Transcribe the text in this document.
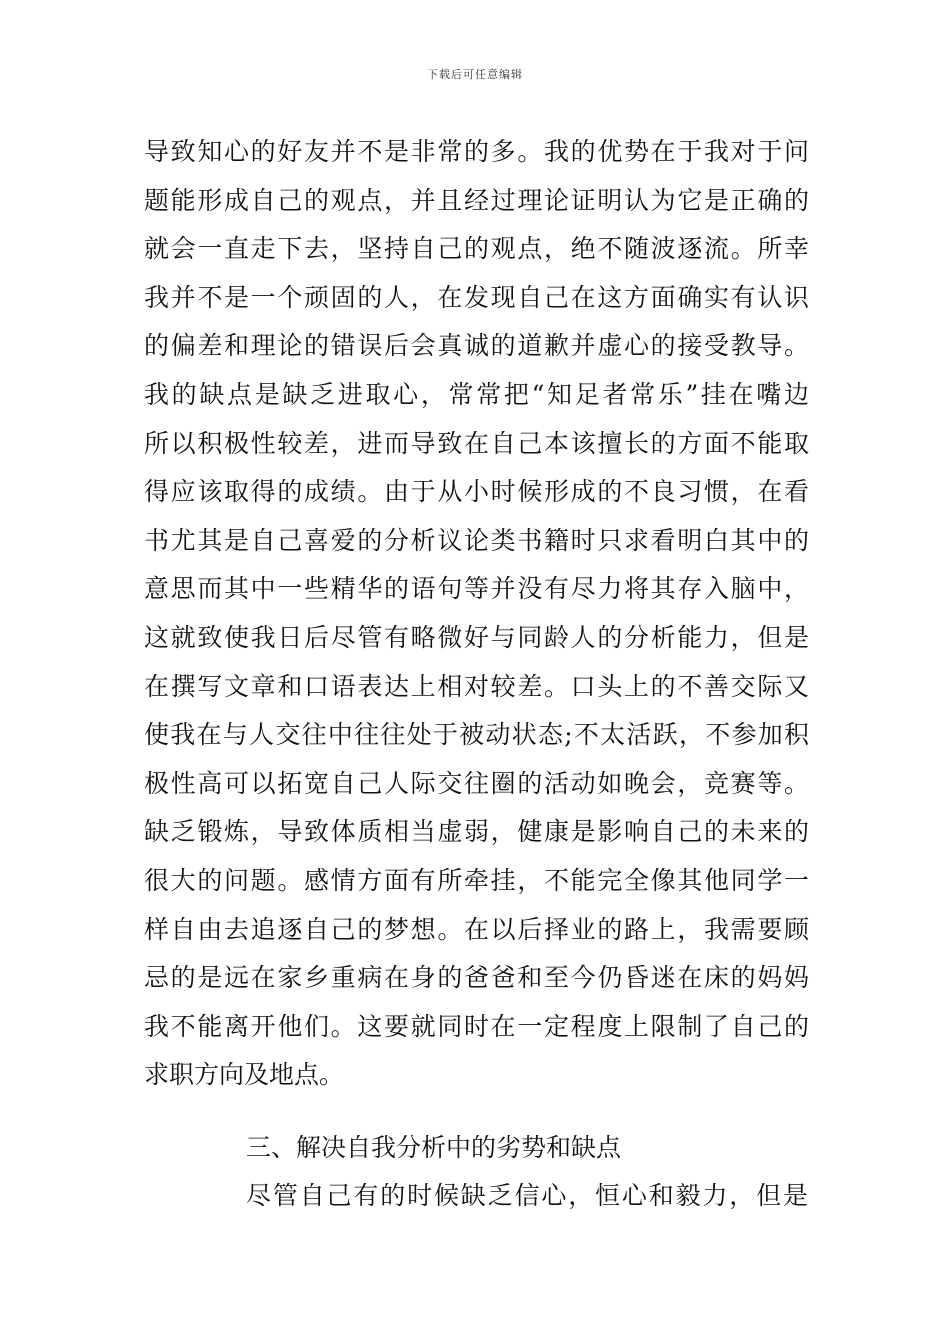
下载后可任意编辑
导致知心的好友并不是非常的多。我的优势在于我对于问
题能形成自己的观点，并且经过理论证明认为它是正确的
就会一直走下去，坚持自己的观点，绝不随波逐流。所幸
我并不是一个顽固的人，在发现自己在这方面确实有认识
的偏差和理论的错误后会真诚的道歉并虚心的接受教导。
我的缺点是缺乏进取心，常常把“知足者常乐”挂在嘴边
所以积极性较差，进而导致在自己本该擅长的方面不能取
得应该取得的成绩。由于从小时候形成的不良习惯，在看
书尤其是自己喜爱的分析议论类书籍时只求看明白其中的
意思而其中一些精华的语句等并没有尽力将其存入脑中，
这就致使我日后尽管有略微好与同龄人的分析能力，但是
在撰写文章和口语表达上相对较差。口头上的不善交际又
使我在与人交往中往往处于被动状态;不太活跃，不参加积
极性高可以拓宽自己人际交往圈的活动如晚会，竞赛等。
缺乏锻炼，导致体质相当虚弱，健康是影响自己的未来的
很大的问题。感情方面有所牵挂，不能完全像其他同学一
样自由去追逐自己的梦想。在以后择业的路上，我需要顾
忌的是远在家乡重病在身的爸爸和至今仍昏迷在床的妈妈
我不能离开他们。这要就同时在一定程度上限制了自己的
求职方向及地点。
三、解决自我分析中的劣势和缺点
尽管自己有的时候缺乏信心，恒心和毅力，但是
